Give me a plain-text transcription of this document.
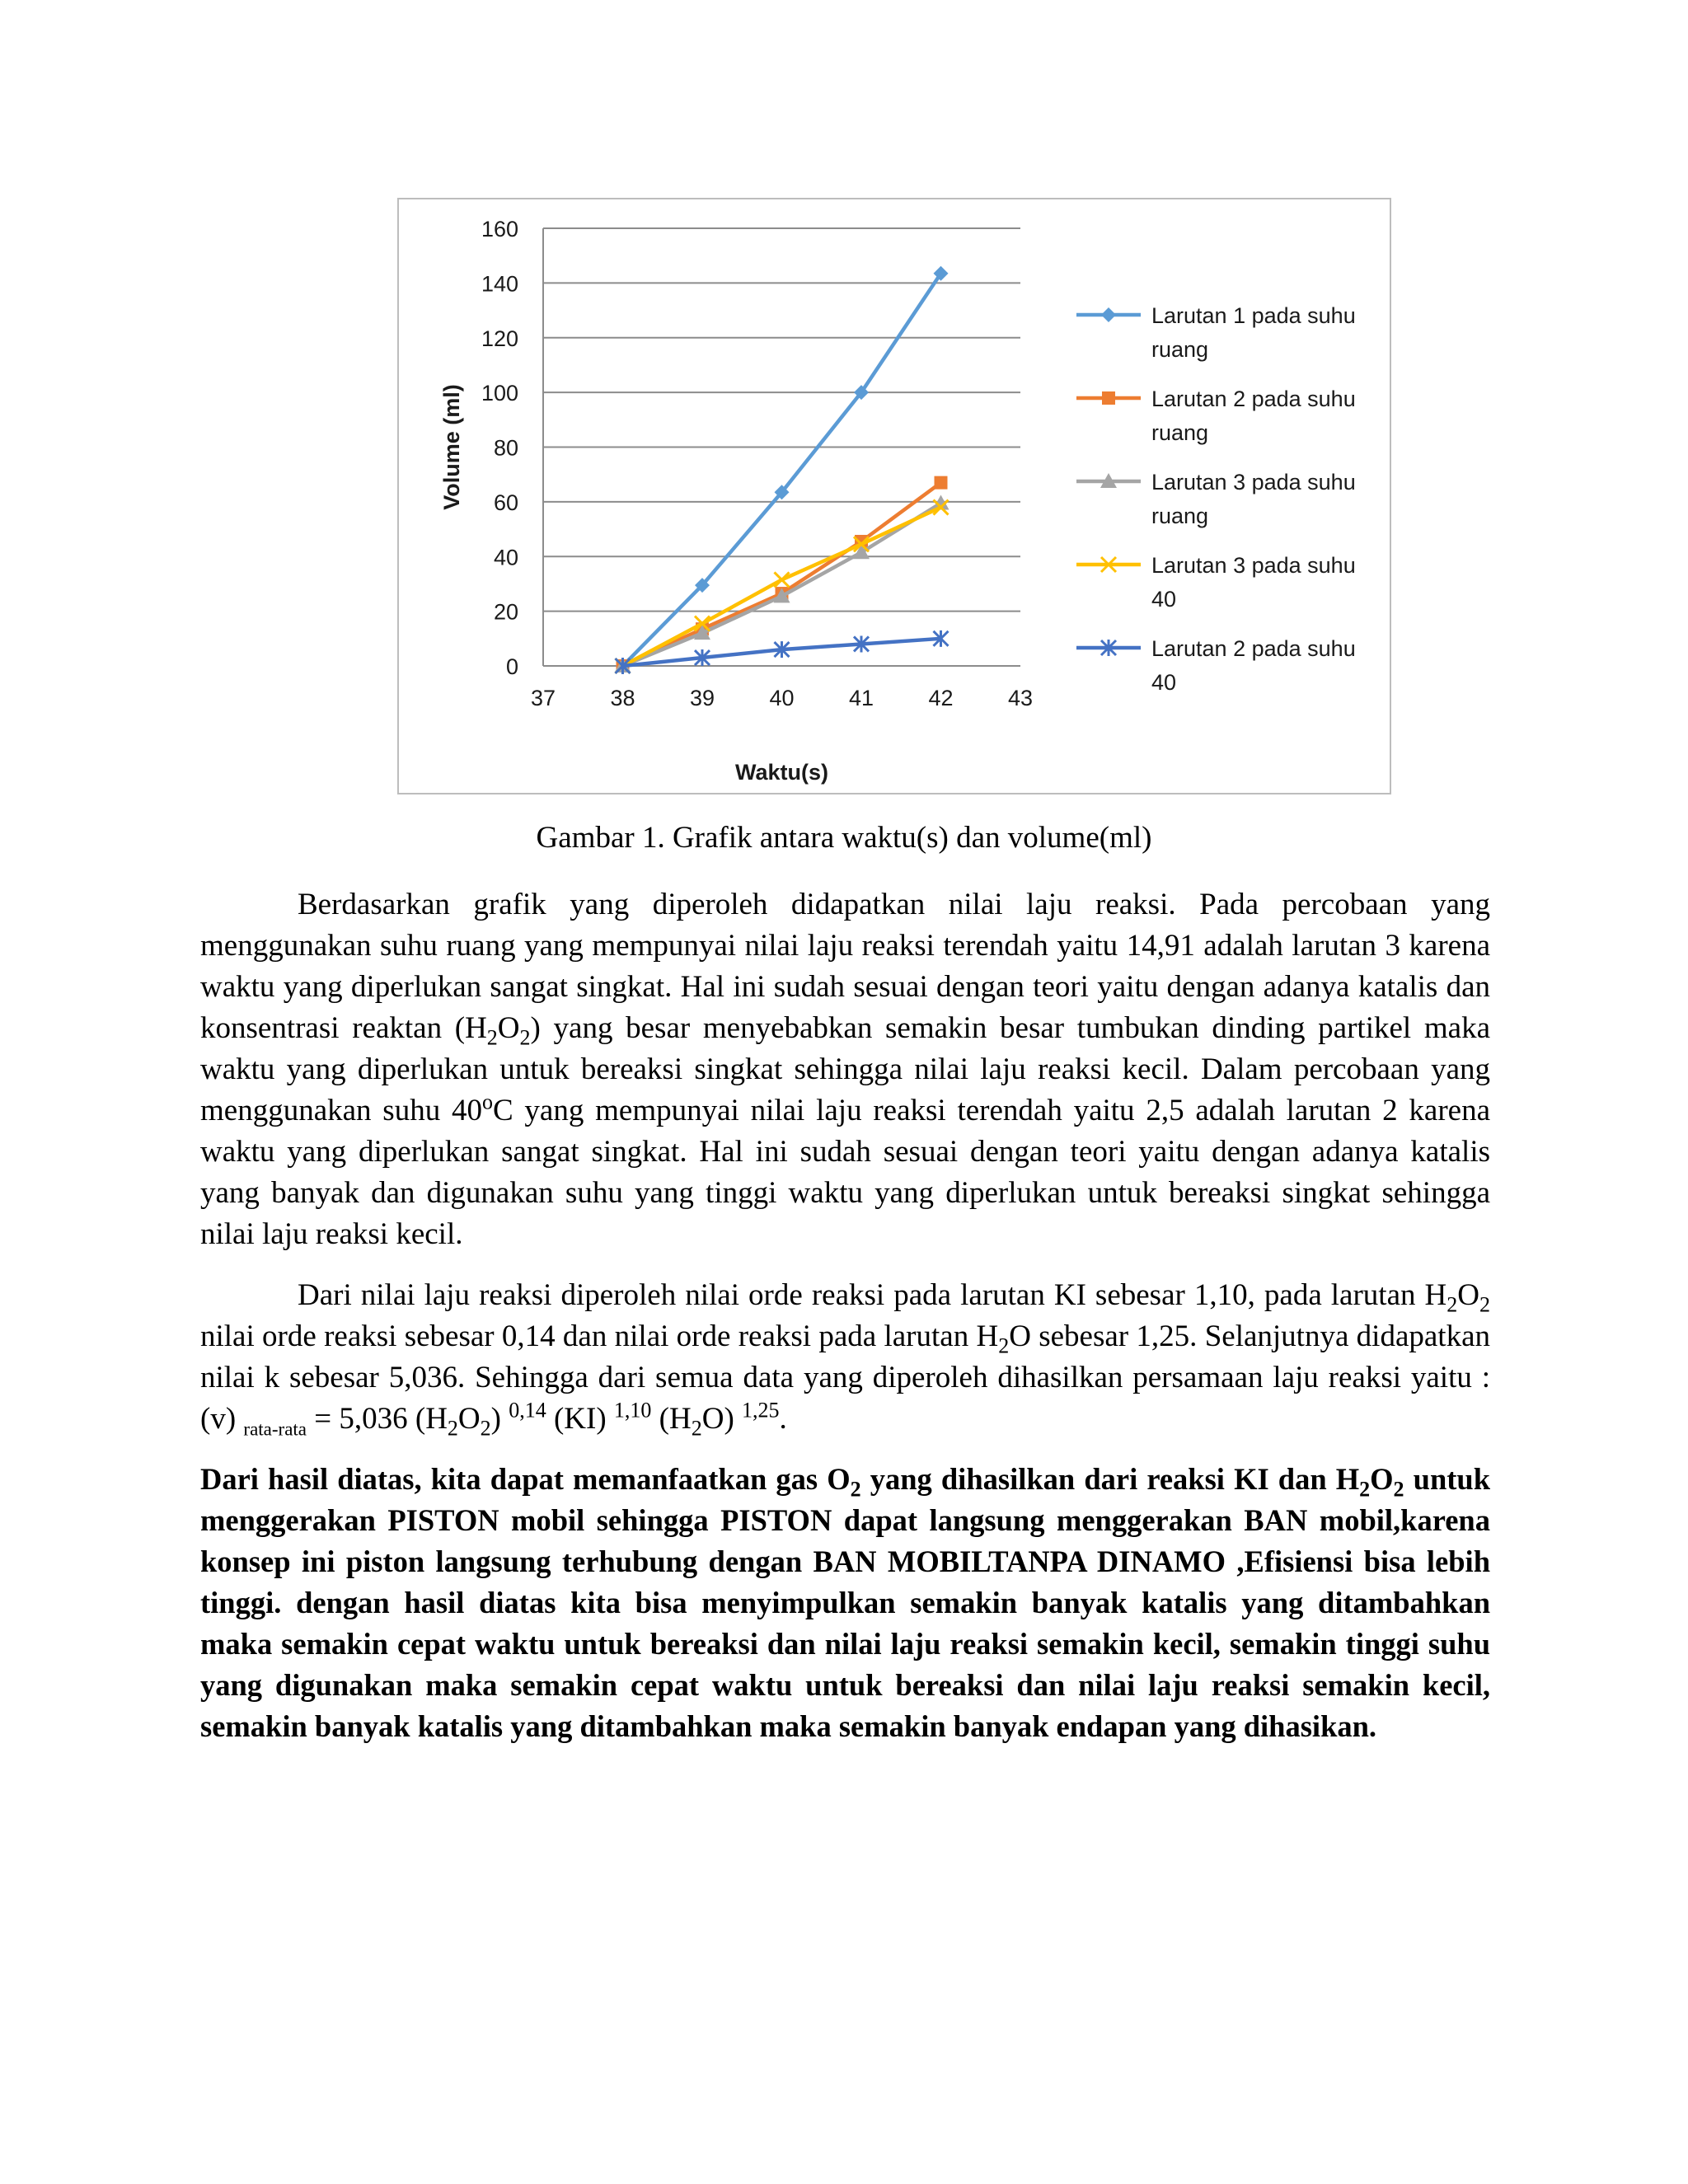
0
20
40
60
80
100
120
140
160
37 38 39 40 41 42 43
Waktu(s)
Volume (ml)
Larutan 1 pada suhu
ruang
Larutan 2 pada suhu
ruang
Larutan 3 pada suhu
ruang
Larutan 3 pada suhu
40
Larutan 2 pada suhu
40
Gambar 1. Grafik antara waktu(s) dan volume(ml)

Berdasarkan grafik yang diperoleh didapatkan nilai laju reaksi. Pada percobaan yang menggunakan suhu ruang yang mempunyai nilai laju reaksi terendah yaitu 14,91 adalah larutan 3 karena waktu yang diperlukan sangat singkat. Hal ini sudah sesuai dengan teori yaitu dengan adanya katalis dan konsentrasi reaktan $(H_2O_2)$ yang besar menyebabkan semakin besar tumbukan dinding partikel maka waktu yang diperlukan untuk bereaksi singkat sehingga nilai laju reaksi kecil. Dalam percobaan yang menggunakan suhu 40$^o$C yang mempunyai nilai laju reaksi terendah yaitu 2,5 adalah larutan 2 karena waktu yang diperlukan sangat singkat. Hal ini sudah sesuai dengan teori yaitu dengan adanya katalis yang banyak dan digunakan suhu yang tinggi waktu yang diperlukan untuk bereaksi singkat sehingga nilai laju reaksi kecil.

Dari nilai laju reaksi diperoleh nilai orde reaksi pada larutan KI sebesar 1,10, pada larutan $H_2O_2$ nilai orde reaksi sebesar 0,14 dan nilai orde reaksi pada larutan $H_2O$ sebesar 1,25. Selanjutnya didapatkan nilai k sebesar 5,036. Sehingga dari semua data yang diperoleh dihasilkan persamaan laju reaksi yaitu : (v) $_{rata-rata}$ = 5,036 $(H_2O_2)$ $^{0,14}$ (KI) $^{1,10}$ $(H_2O)$ $^{1,25}$.

Dari hasil diatas, kita dapat memanfaatkan gas $O_2$ yang dihasilkan dari reaksi KI dan $H_2O_2$ untuk menggerakan PISTON mobil sehingga PISTON dapat langsung menggerakan BAN mobil,karena konsep ini piston langsung terhubung dengan BAN MOBILTANPA DINAMO ,Efisiensi bisa lebih tinggi. dengan hasil diatas kita bisa menyimpulkan semakin banyak katalis yang ditambahkan maka semakin cepat waktu untuk bereaksi dan nilai laju reaksi semakin kecil, semakin tinggi suhu yang digunakan maka semakin cepat waktu untuk bereaksi dan nilai laju reaksi semakin kecil, semakin banyak katalis yang ditambahkan maka semakin banyak endapan yang dihasikan.
